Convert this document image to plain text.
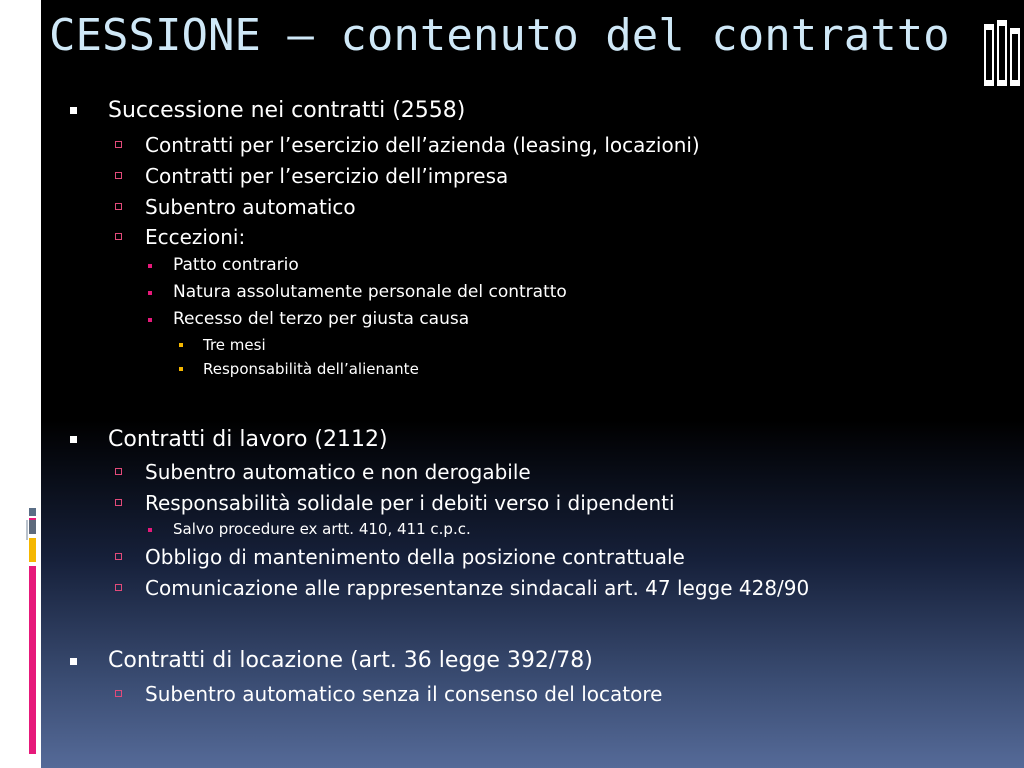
CESSIONE – contenuto del contratto
Successione nei contratti (2558)
Contratti per l’esercizio dell’azienda (leasing, locazioni)
Contratti per l’esercizio dell’impresa
Subentro automatico
Eccezioni:
Patto contrario
Natura assolutamente personale del contratto
Recesso del terzo per giusta causa
Tre mesi
Responsabilità dell’alienante
Contratti di lavoro (2112)
Subentro automatico e non derogabile
Responsabilità solidale per i debiti verso i dipendenti
Salvo procedure ex artt. 410, 411 c.p.c.
Obbligo di mantenimento della posizione contrattuale
Comunicazione alle rappresentanze sindacali art. 47 legge 428/90
Contratti di locazione (art. 36 legge 392/78)
Subentro automatico senza il consenso del locatore
